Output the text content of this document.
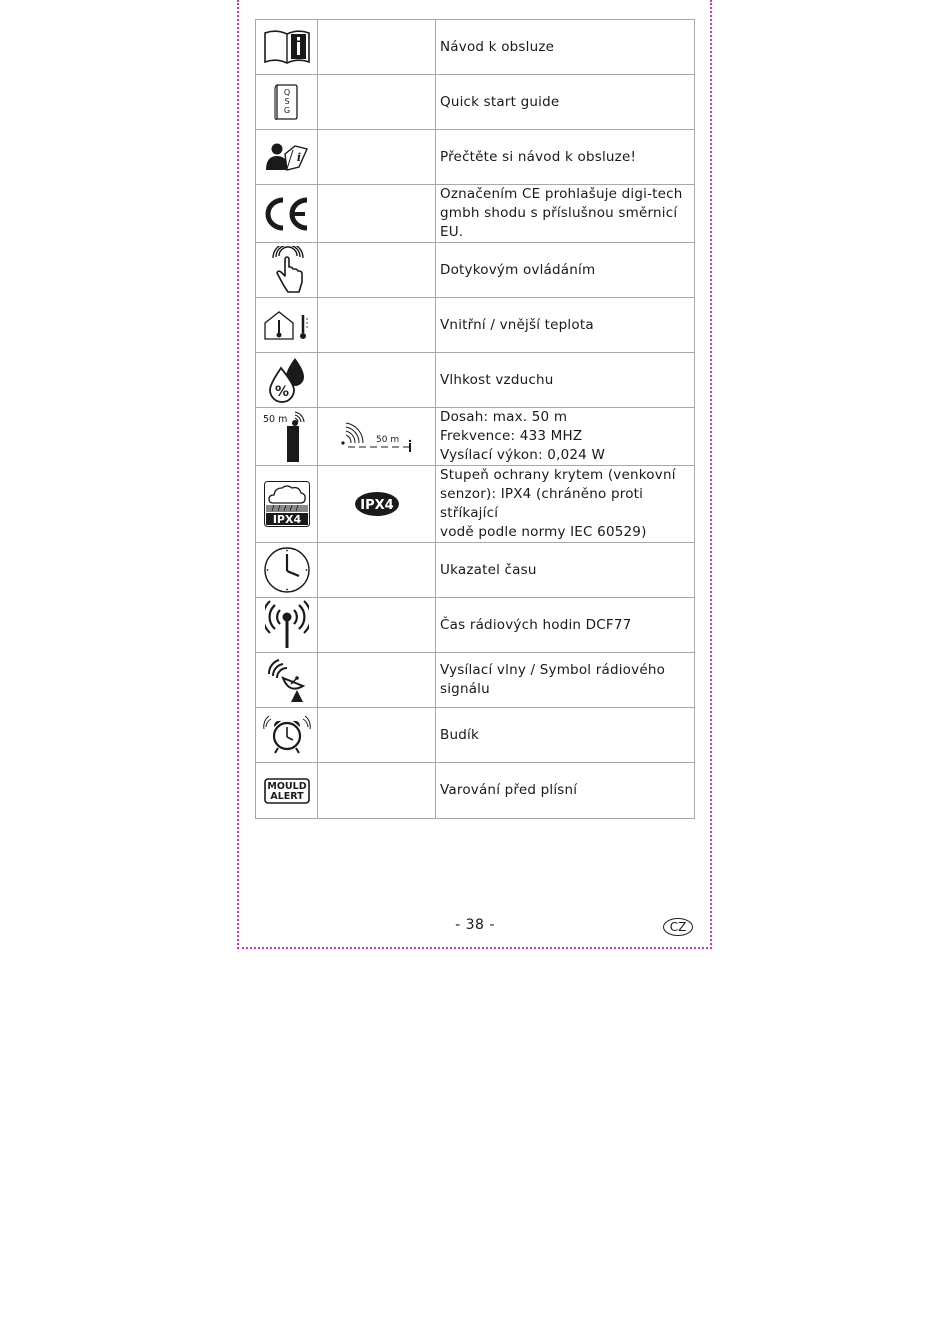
Návod k obsluze

Q
S
G		Quick start guide

i		Přečtěte si návod k obsluze!

Označením CE prohlašuje digi-tech
gmbh shodu s příslušnou směrnicí EU.

Dotykovým ovládáním

Vnitřní / vnější teplota

%		Vlhkost vzduchu

50 m	50 m	Dosah: max. 50 m
Frekvence: 433 MHZ
Vysílací výkon: 0,024 W

IPX4	IPX4	Stupeň ochrany krytem (venkovní
senzor): IPX4 (chráněno proti stříkající
vodě podle normy IEC 60529)

Ukazatel času

Čas rádiových hodin DCF77

Vysílací vlny / Symbol rádiového
signálu

Budík

MOULD
ALERT		Varování před plísní
- 38 -	CZ
